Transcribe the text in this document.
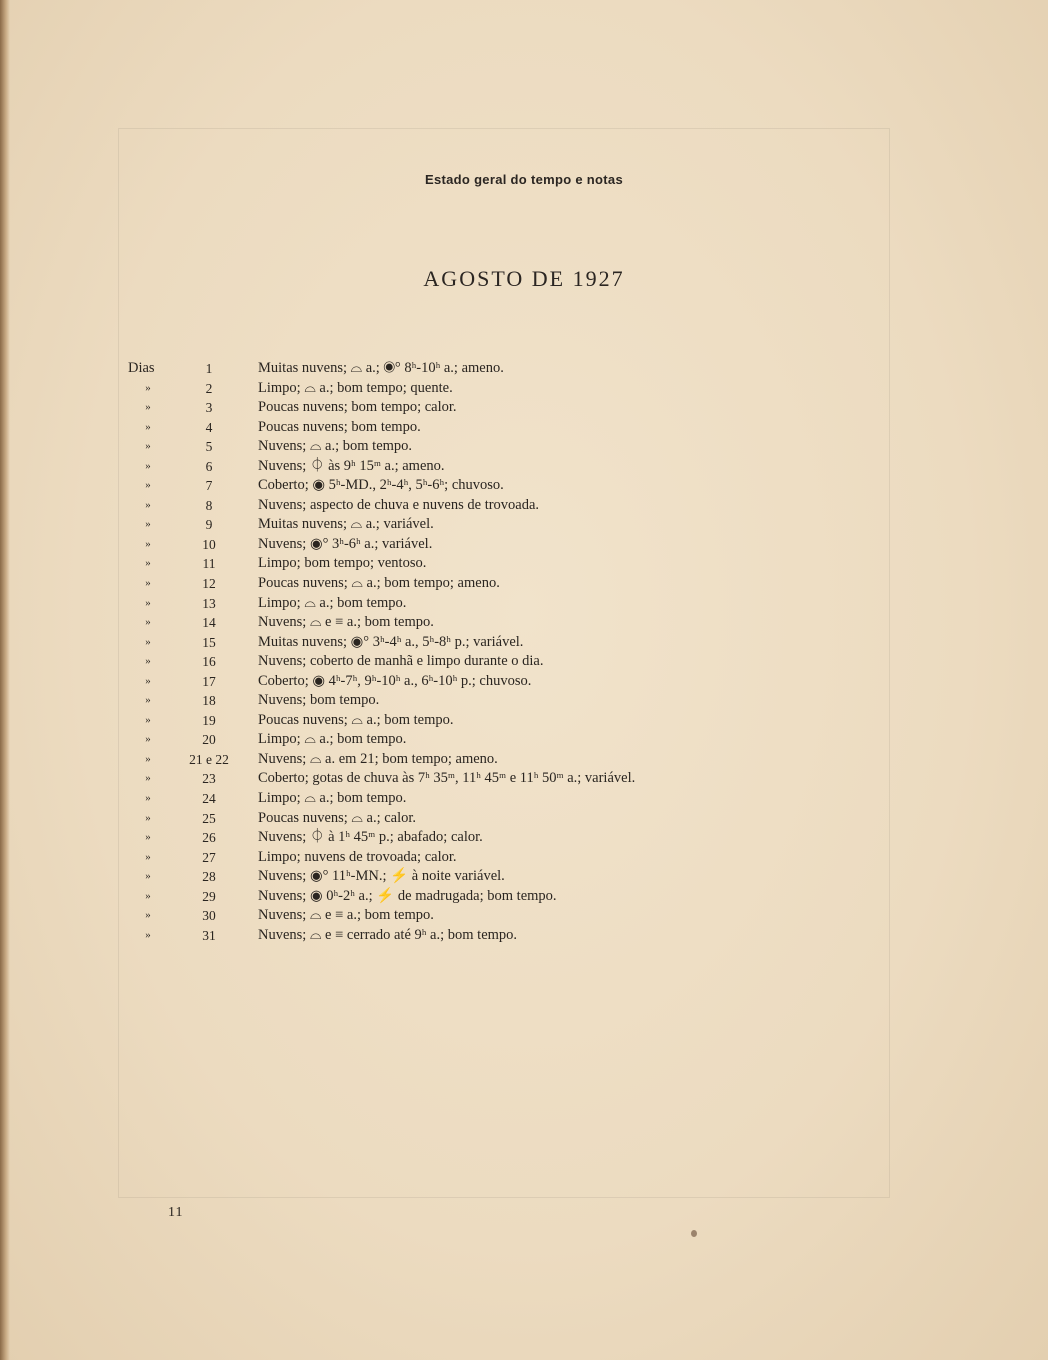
Estado geral do tempo e notas
AGOSTO DE 1927
Dias	1	Muitas nuvens; ⌓ a.; ◉° 8ʰ-10ʰ a.; ameno.
»	2	Limpo; ⌓ a.; bom tempo; quente.
»	3	Poucas nuvens; bom tempo; calor.
»	4	Poucas nuvens; bom tempo.
»	5	Nuvens; ⌓ a.; bom tempo.
»	6	Nuvens; ⏀ às 9ʰ 15ᵐ a.; ameno.
»	7	Coberto; ◉ 5ʰ-MD., 2ʰ-4ʰ, 5ʰ-6ʰ; chuvoso.
»	8	Nuvens; aspecto de chuva e nuvens de trovoada.
»	9	Muitas nuvens; ⌓ a.; variável.
»	10	Nuvens; ◉° 3ʰ-6ʰ a.; variável.
»	11	Limpo; bom tempo; ventoso.
»	12	Poucas nuvens; ⌓ a.; bom tempo; ameno.
»	13	Limpo; ⌓ a.; bom tempo.
»	14	Nuvens; ⌓ e ≡ a.; bom tempo.
»	15	Muitas nuvens; ◉° 3ʰ-4ʰ a., 5ʰ-8ʰ p.; variável.
»	16	Nuvens; coberto de manhã e limpo durante o dia.
»	17	Coberto; ◉ 4ʰ-7ʰ, 9ʰ-10ʰ a., 6ʰ-10ʰ p.; chuvoso.
»	18	Nuvens; bom tempo.
»	19	Poucas nuvens; ⌓ a.; bom tempo.
»	20	Limpo; ⌓ a.; bom tempo.
»	21 e 22	Nuvens; ⌓ a. em 21; bom tempo; ameno.
»	23	Coberto; gotas de chuva às 7ʰ 35ᵐ, 11ʰ 45ᵐ e 11ʰ 50ᵐ a.; variável.
»	24	Limpo; ⌓ a.; bom tempo.
»	25	Poucas nuvens; ⌓ a.; calor.
»	26	Nuvens; ⏀ à 1ʰ 45ᵐ p.; abafado; calor.
»	27	Limpo; nuvens de trovoada; calor.
»	28	Nuvens; ◉° 11ʰ-MN.; ⚡ à noite variável.
»	29	Nuvens; ◉ 0ʰ-2ʰ a.; ⚡ de madrugada; bom tempo.
»	30	Nuvens; ⌓ e ≡ a.; bom tempo.
»	31	Nuvens; ⌓ e ≡ cerrado até 9ʰ a.; bom tempo.
11
